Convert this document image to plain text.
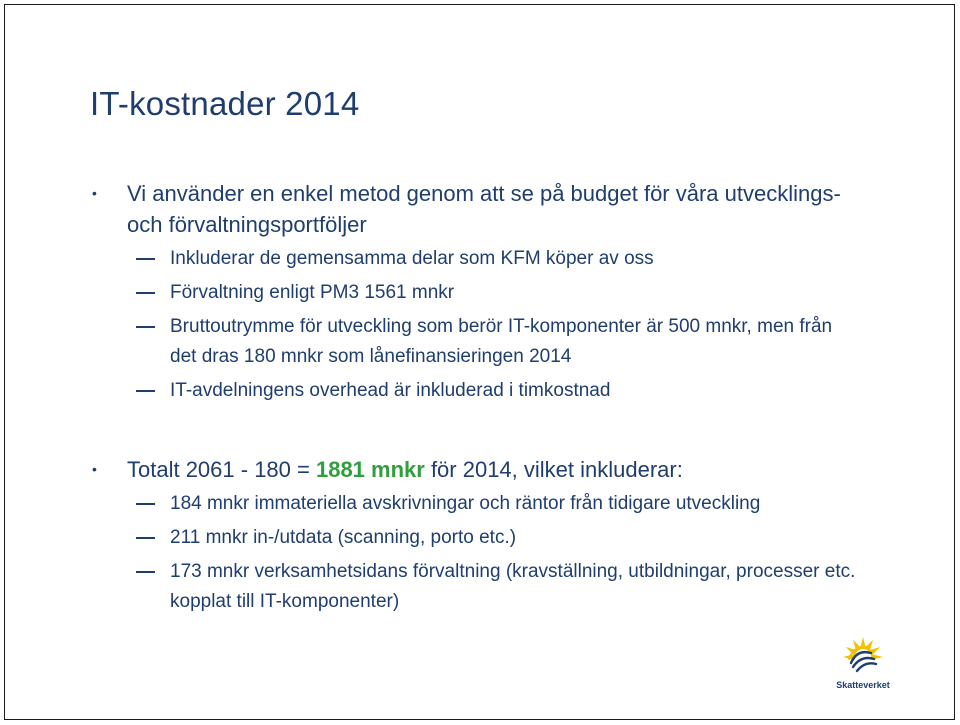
IT-kostnader 2014
• Vi använder en enkel metod genom att se på budget för våra utvecklings- och förvaltningsportföljer
Inkluderar de gemensamma delar som KFM köper av oss
Förvaltning enligt PM3 1561 mnkr
Bruttoutrymme för utveckling som berör IT-komponenter är 500 mnkr, men från det dras 180 mnkr som lånefinansieringen 2014
IT-avdelningens overhead är inkluderad i timkostnad
• Totalt 2061 - 180 = 1881 mnkr för 2014, vilket inkluderar:
184 mnkr immateriella avskrivningar och räntor från tidigare utveckling
211 mnkr in-/utdata (scanning, porto etc.)
173 mnkr verksamhetsidans förvaltning (kravställning, utbildningar, processer etc. kopplat till IT-komponenter)
Skatteverket
